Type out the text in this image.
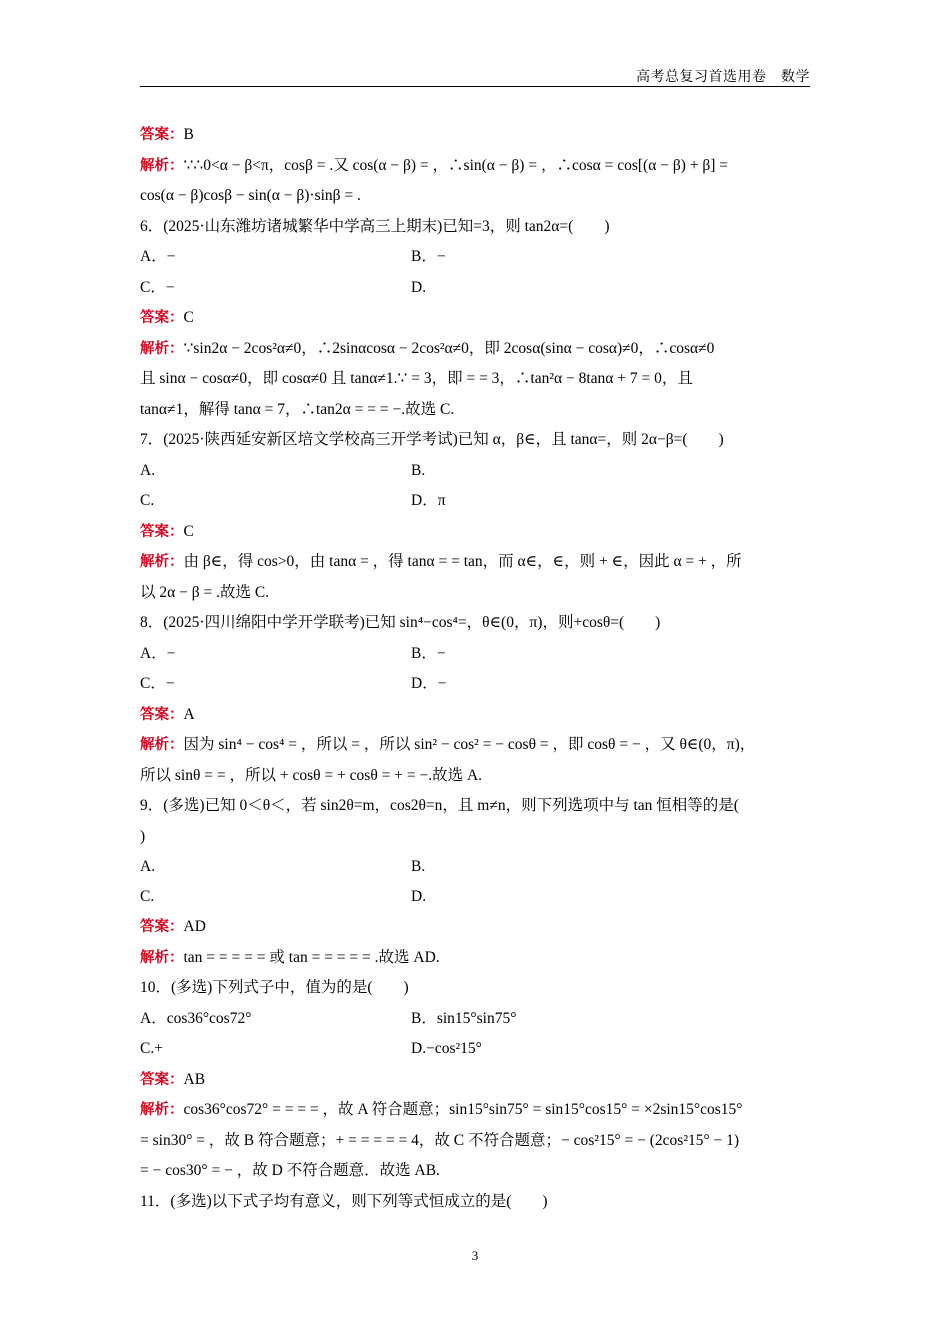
高考总复习首选用卷　数学
答案：B
解析：∵∴0<α − β<π，cosβ = .又 cos(α − β) = ，∴sin(α − β) = ，∴cosα = cos[(α − β) + β] =
cos(α − β)cosβ − sin(α − β)·sinβ = .
6．(2025·山东潍坊诸城繁华中学高三上期末)已知=3，则 tan2α=(　　)
A．−	B．−
C．−	D.
答案：C
解析：∵sin2α − 2cos²α≠0，∴2sinαcosα − 2cos²α≠0，即 2cosα(sinα − cosα)≠0，∴cosα≠0
且 sinα − cosα≠0，即 cosα≠0 且 tanα≠1.∵ = 3，即 = = 3，∴tan²α − 8tanα + 7 = 0，且
tanα≠1，解得 tanα = 7，∴tan2α = = = −.故选 C.
7．(2025·陕西延安新区培文学校高三开学考试)已知 α，β∈，且 tanα=，则 2α−β=(　　)
A.	B.
C.	D．π
答案：C
解析：由 β∈，得 cos>0，由 tanα = ，得 tanα = = tan，而 α∈，∈，则 + ∈，因此 α = + ，所
以 2α − β = .故选 C.
8．(2025·四川绵阳中学开学联考)已知 sin⁴−cos⁴=，θ∈(0，π)，则+cosθ=(　　)
A．−	B．−
C．−	D．−
答案：A
解析：因为 sin⁴ − cos⁴ = ，所以 = ，所以 sin² − cos² = − cosθ = ，即 cosθ = − ，又 θ∈(0，π)，
所以 sinθ = = ，所以 + cosθ = + cosθ = + = −.故选 A.
9．(多选)已知 0＜θ＜，若 sin2θ=m，cos2θ=n，且 m≠n，则下列选项中与 tan 恒相等的是(
)
A.	B.
C.	D.
答案：AD
解析：tan = = = = = 或 tan = = = = = .故选 AD.
10．(多选)下列式子中，值为的是(　　)
A．cos36°cos72°	B．sin15°sin75°
C.+	D.−cos²15°
答案：AB
解析：cos36°cos72° = = = = ，故 A 符合题意；sin15°sin75° = sin15°cos15° = ×2sin15°cos15°
= sin30° = ，故 B 符合题意；+ = = = = = 4，故 C 不符合题意；− cos²15° = − (2cos²15° − 1)
= − cos30° = − ，故 D 不符合题意．故选 AB.
11．(多选)以下式子均有意义，则下列等式恒成立的是(　　)
3
